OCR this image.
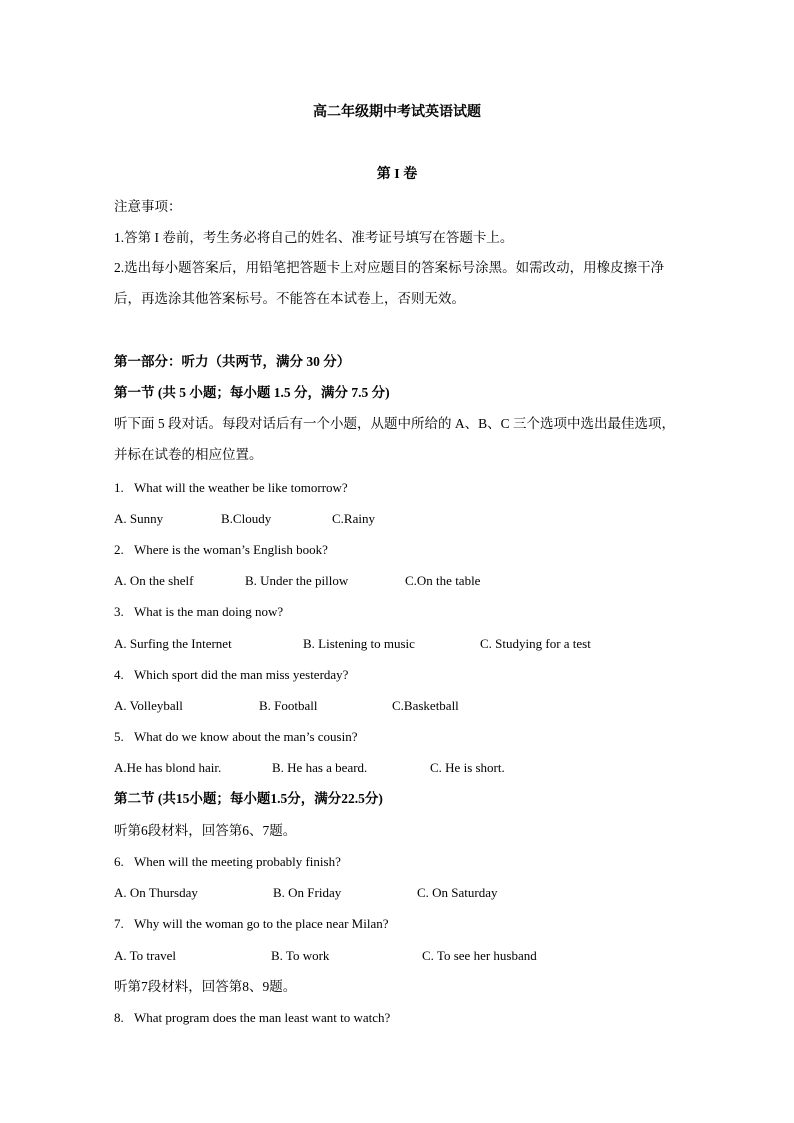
高二年级期中考试英语试题
第 I 卷
注意事项：
1.答第 I 卷前，考生务必将自己的姓名、准考证号填写在答题卡上。
2.选出每小题答案后，用铅笔把答题卡上对应题目的答案标号涂黑。如需改动，用橡皮擦干净后，再选涂其他答案标号。不能答在本试卷上，否则无效。
第一部分：听力（共两节，满分 30 分）
第一节 (共 5 小题；每小题 1.5 分，满分 7.5 分)
听下面 5 段对话。每段对话后有一个小题，从题中所给的 A、B、C 三个选项中选出最佳选项，并标在试卷的相应位置。
1. What will the weather be like tomorrow?
A. Sunny	B.Cloudy	C.Rainy
2. Where is the woman’s English book?
A. On the shelf	B. Under the pillow	C.On the table
3. What is the man doing now?
A. Surfing the Internet	B. Listening to music	C. Studying for a test
4. Which sport did the man miss yesterday?
A. Volleyball	B. Football	C.Basketball
5. What do we know about the man’s cousin?
A.He has blond hair.	B. He has a beard.	C. He is short.
第二节 (共15小题；每小题1.5分，满分22.5分)
听第6段材料，回答第6、7题。
6. When will the meeting probably finish?
A. On Thursday	B. On Friday	C. On Saturday
7. Why will the woman go to the place near Milan?
A. To travel	B. To work	C. To see her husband
听第7段材料，回答第8、9题。
8. What program does the man least want to watch?
